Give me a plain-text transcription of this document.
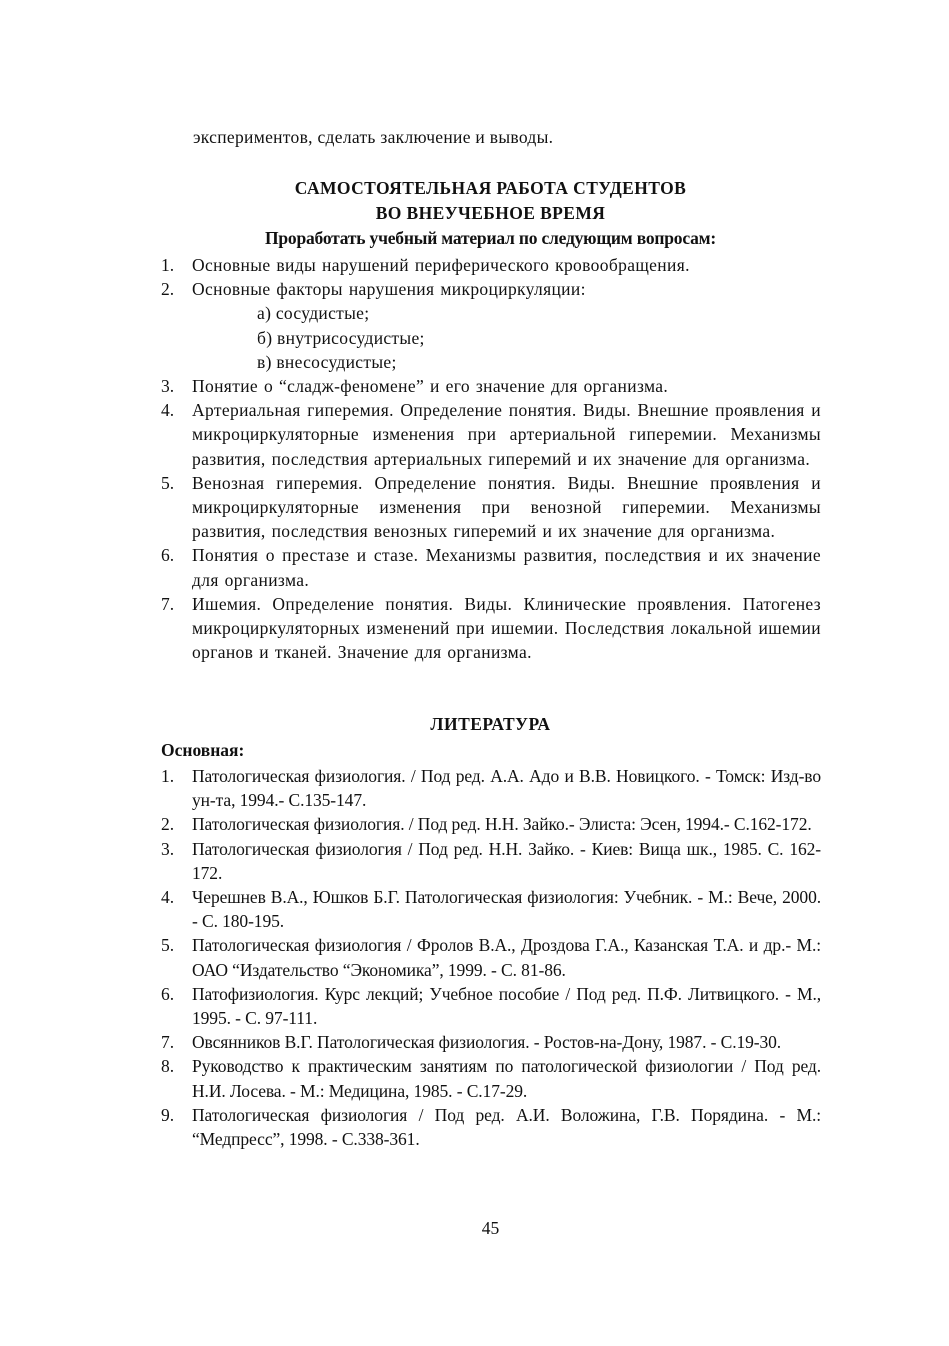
экспериментов, сделать заключение и выводы.
САМОСТОЯТЕЛЬНАЯ РАБОТА СТУДЕНТОВ
ВО ВНЕУЧЕБНОЕ ВРЕМЯ
Проработать учебный материал по следующим вопросам:
1. Основные виды нарушений периферического кровообращения.
2. Основные факторы нарушения микроциркуляции:
а) сосудистые;
б) внутрисосудистые;
в) внесосудистые;
3. Понятие о “сладж-феномене” и его значение для организма.
4. Артериальная гиперемия. Определение понятия. Виды. Внешние проявления и микроциркуляторные изменения при артериальной гиперемии. Механизмы развития, последствия артериальных гиперемий и их значение для организма.
5. Венозная гиперемия. Определение понятия. Виды. Внешние проявления и микроциркуляторные изменения при венозной гиперемии. Механизмы развития, последствия венозных гиперемий и их значение для организма.
6. Понятия о престазе и стазе. Механизмы развития, последствия и их значение для организма.
7. Ишемия. Определение понятия. Виды. Клинические проявления. Патогенез микроциркуляторных изменений при ишемии. Последствия локальной ишемии органов и тканей. Значение для организма.
ЛИТЕРАТУРА
Основная:
1. Патологическая физиология. / Под ред. А.А. Адо и В.В. Новицкого. - Томск: Изд-во ун-та, 1994.- С.135-147.
2. Патологическая физиология. / Под ред. Н.Н. Зайко.- Элиста: Эсен, 1994.- С.162-172.
3. Патологическая физиология / Под ред. Н.Н. Зайко. - Киев: Вища шк., 1985. С. 162-172.
4. Черешнев В.А., Юшков Б.Г. Патологическая физиология: Учебник. - М.: Вече, 2000. - С. 180-195.
5. Патологическая физиология / Фролов В.А., Дроздова Г.А., Казанская Т.А. и др.- М.: ОАО “Издательство “Экономика”, 1999. - С. 81-86.
6. Патофизиология. Курс лекций; Учебное пособие / Под ред. П.Ф. Литвицкого. - М., 1995. - С. 97-111.
7. Овсянников В.Г. Патологическая физиология. - Ростов-на-Дону, 1987. - С.19-30.
8. Руководство к практическим занятиям по патологической физиологии / Под ред. Н.И. Лосева. - М.: Медицина, 1985. - С.17-29.
9. Патологическая физиология / Под ред. А.И. Воложина, Г.В. Порядина. - М.: “Медпресс”, 1998. - С.338-361.
45
